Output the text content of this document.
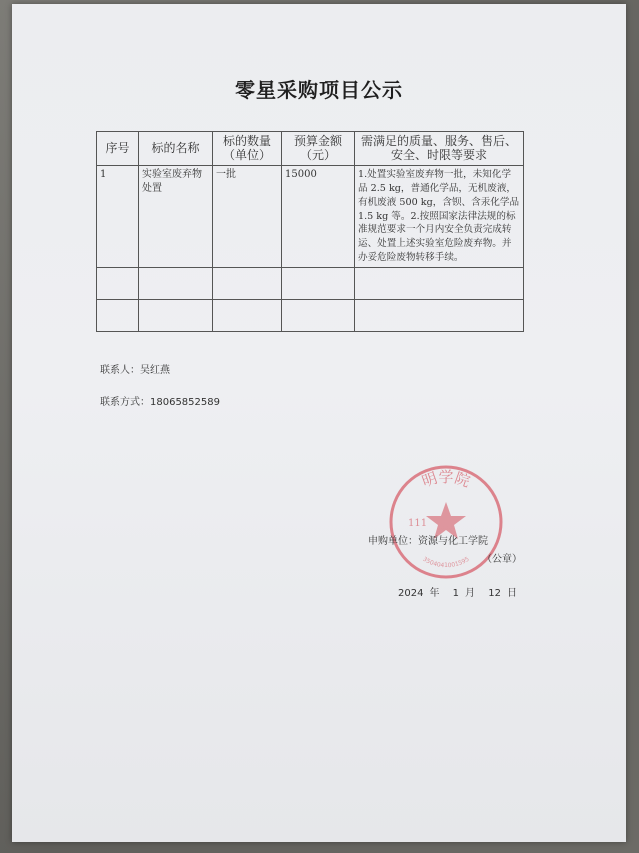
零星采购项目公示
序号	标的名称	标的数量（单位）	预算金额（元）	需满足的质量、服务、售后、安全、时限等要求
1	实验室废弃物处置	一批	15000	1.处置实验室废弃物一批，未知化学品 2.5 kg，普通化学品，无机废液，有机废液 500 kg，含钡、含汞化学品 1.5 kg 等。2.按照国家法律法规的标准规范要求一个月内安全负责完成转运、处置上述实验室危险废弃物。并办妥危险废物转移手续。

联系人：吴红燕
联系方式：18065852589
明学院
111
3504041001595
申购单位：资源与化工学院
（公章）
2024 年 1 月 12 日
